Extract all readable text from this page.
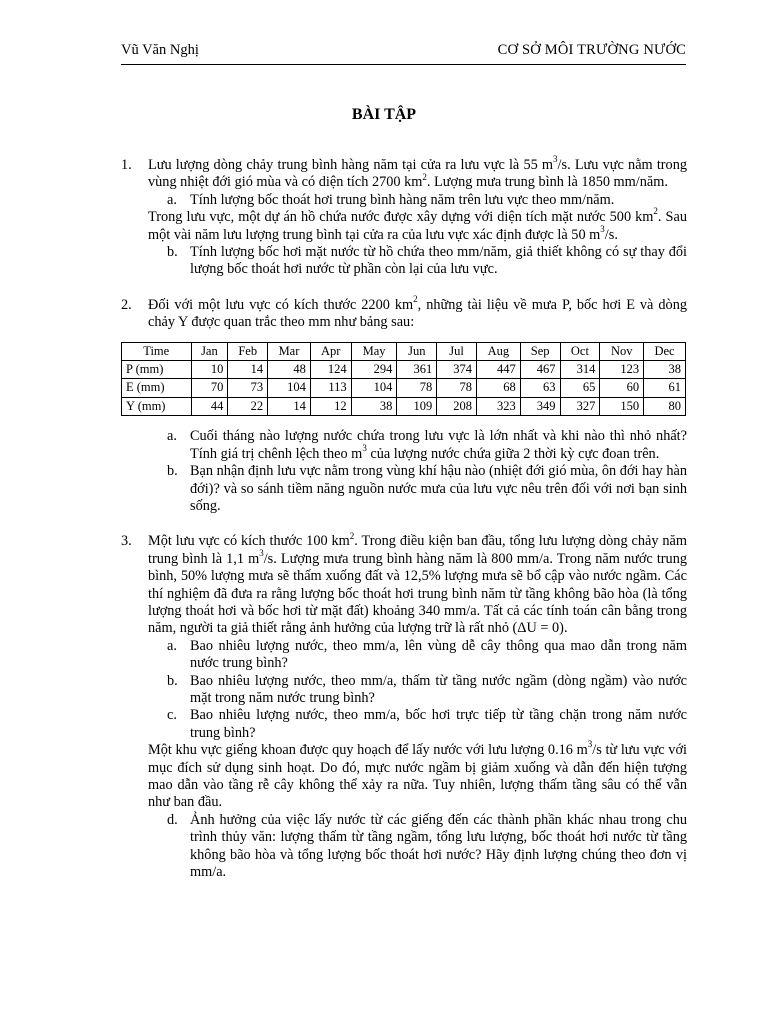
Vũ Văn Nghị	CƠ SỞ MÔI TRƯỜNG NƯỚC
BÀI TẬP
1. Lưu lượng dòng chảy trung bình hàng năm tại cửa ra lưu vực là 55 $m^3/s$. Lưu vực nằm trong vùng nhiệt đới gió mùa và có diện tích 2700 $km^2$. Lượng mưa trung bình là 1850 mm/năm.

a. Tính lượng bốc thoát hơi trung bình hàng năm trên lưu vực theo mm/năm.

Trong lưu vực, một dự án hồ chứa nước được xây dựng với diện tích mặt nước 500 $km^2$. Sau một vài năm lưu lượng trung bình tại cửa ra của lưu vực xác định được là 50 $m^3/s$.

b. Tính lượng bốc hơi mặt nước từ hồ chứa theo mm/năm, giả thiết không có sự thay đổi lượng bốc thoát hơi nước từ phần còn lại của lưu vực.
2. Đối với một lưu vực có kích thước 2200 $km^2$, những tài liệu về mưa P, bốc hơi E và dòng chảy Y được quan trắc theo mm như bảng sau:

Time	Jan	Feb	Mar	Apr	May	Jun	Jul	Aug	Sep	Oct	Nov	Dec
P (mm)	10	14	48	124	294	361	374	447	467	314	123	38
E (mm)	70	73	104	113	104	78	78	68	63	65	60	61
Y (mm)	44	22	14	12	38	109	208	323	349	327	150	80
a. Cuối tháng nào lượng nước chứa trong lưu vực là lớn nhất và khi nào thì nhỏ nhất? Tính giá trị chênh lệch theo $m^3$ của lượng nước chứa giữa 2 thời kỳ cực đoan trên.
b. Bạn nhận định lưu vực nằm trong vùng khí hậu nào (nhiệt đới gió mùa, ôn đới hay hàn đới)? và so sánh tiềm năng nguồn nước mưa của lưu vực nêu trên đối với nơi bạn sinh sống.
3. Một lưu vực có kích thước 100 $km^2$. Trong điều kiện ban đầu, tổng lưu lượng dòng chảy năm trung bình là 1,1 $m^3/s$. Lượng mưa trung bình hàng năm là 800 mm/a. Trong năm nước trung bình, 50% lượng mưa sẽ thấm xuống đất và 12,5% lượng mưa sẽ bổ cập vào nước ngầm. Các thí nghiệm đã đưa ra rằng lượng bốc thoát hơi trung bình năm từ tầng không bão hòa (là tổng lượng thoát hơi và bốc hơi từ mặt đất) khoảng 340 mm/a. Tất cả các tính toán cân bằng trong năm, người ta giả thiết rằng ảnh hưởng của lượng trữ là rất nhỏ (ΔU = 0).

a. Bao nhiêu lượng nước, theo mm/a, lên vùng dễ cây thông qua mao dẫn trong năm nước trung bình?
b. Bao nhiêu lượng nước, theo mm/a, thấm từ tầng nước ngầm (dòng ngầm) vào nước mặt trong năm nước trung bình?
c. Bao nhiêu lượng nước, theo mm/a, bốc hơi trực tiếp từ tầng chặn trong năm nước trung bình?

Một khu vực giếng khoan được quy hoạch để lấy nước với lưu lượng 0.16 $m^3/s$ từ lưu vực với mục đích sử dụng sinh hoạt. Do đó, mực nước ngầm bị giảm xuống và dẫn đến hiện tượng mao dẫn vào tầng rễ cây không thể xảy ra nữa. Tuy nhiên, lượng thấm tầng sâu có thể vẫn như ban đầu.

d. Ảnh hưởng của việc lấy nước từ các giếng đến các thành phần khác nhau trong chu trình thủy văn: lượng thấm từ tầng ngầm, tổng lưu lượng, bốc thoát hơi nước từ tầng không bão hòa và tổng lượng bốc thoát hơi nước? Hãy định lượng chúng theo đơn vị mm/a.
